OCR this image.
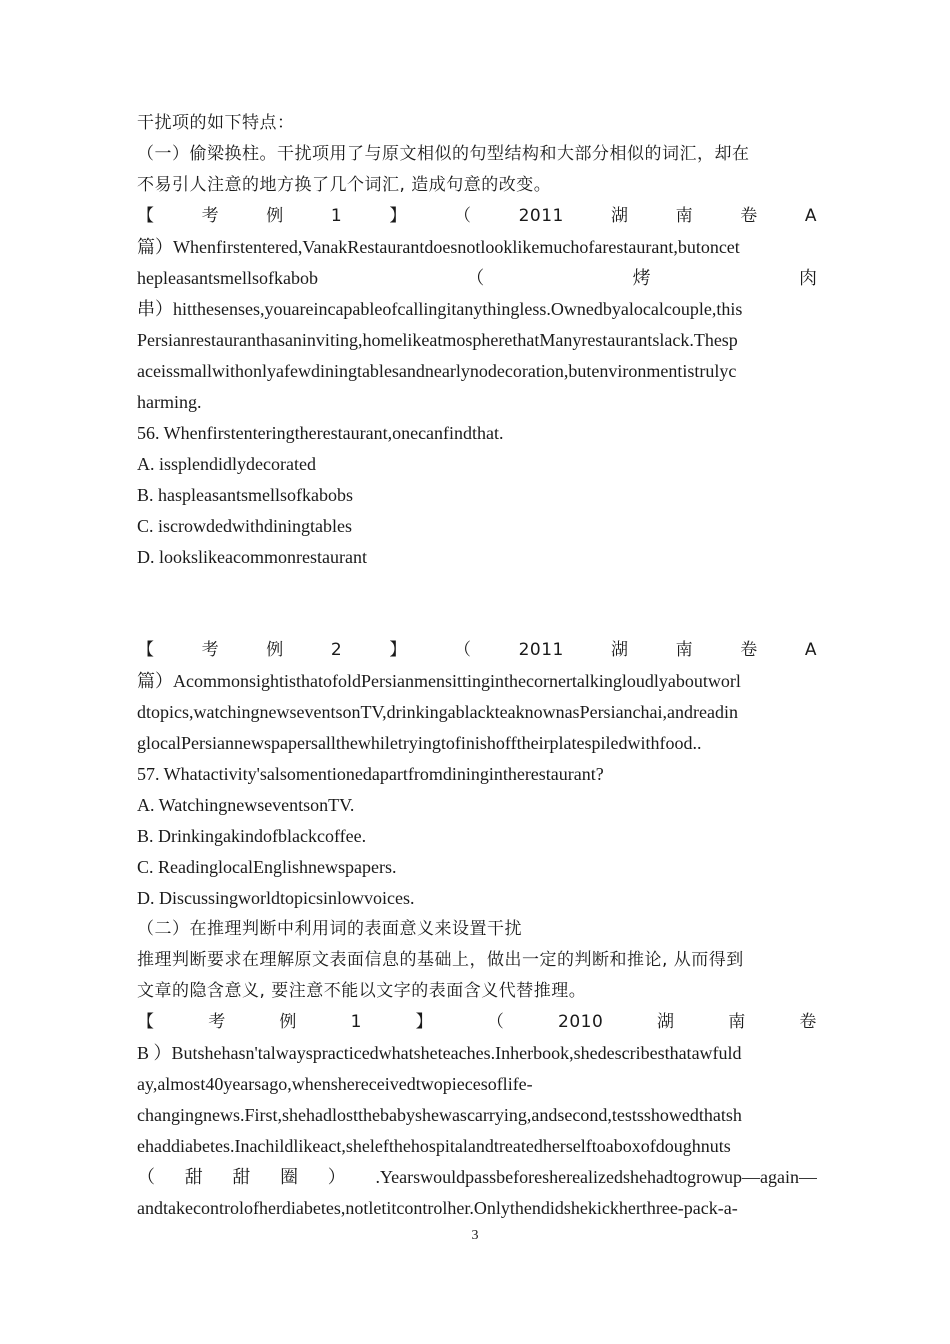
干扰项的如下特点：
（一）偷梁换柱。干扰项用了与原文相似的句型结构和大部分相似的词汇，却在
不易引人注意的地方换了几个词汇, 造成句意的改变。
【	考	例	1	】	（	2011	湖	南	卷	A
篇）Whenfirstentered,VanakRestaurantdoesnotlooklikemuchofarestaurant,butoncet
hepleasantsmellsofkabob	（	烤	肉
串）hitthesenses,youareincapableofcallingitanythingless.Ownedbyalocalcouple,this
Persianrestauranthasaninviting,homelikeatmospherethatManyrestaurantslack.Thesp
aceissmallwithonlyafewdiningtablesandnearlynodecoration,butenvironmentistrulyc
harming.
56. Whenfirstenteringtherestaurant,onecanfindthat.
A. issplendidlydecorated
B. haspleasantsmellsofkabobs
C. iscrowdedwithdiningtables
D. lookslikeacommonrestaurant
【	考	例	2	】	（	2011	湖	南	卷	A
篇）AcommonsightisthatofoldPersianmensittinginthecornertalkingloudlyaboutworl
dtopics,watchingnewseventsonTV,drinkingablackteaknownasPersianchai,andreadin
glocalPersiannewspapersallthewhiletryingtofinishofftheirplatespiledwithfood..
57. Whatactivity'salsomentionedapartfromdiningintherestaurant?
A. WatchingnewseventsonTV.
B. Drinkingakindofblackcoffee.
C. ReadinglocalEnglishnewspapers.
D. Discussingworldtopicsinlowvoices.
（二）在推理判断中利用词的表面意义来设置干扰
推理判断要求在理解原文表面信息的基础上，做出一定的判断和推论, 从而得到
文章的隐含意义, 要注意不能以文字的表面含义代替推理。
【	考	例	1	】	（	2010	湖	南	卷
B ）Butshehasn'talwayspracticedwhatsheteaches.Inherbook,shedescribesthatawfuld
ay,almost40yearsago,whenshereceivedtwopiecesoflife-
changingnews.First,shehadlostthebabyshewascarrying,andsecond,testsshowedthatsh
ehaddiabetes.Inachildlikeact,shelefthehospitalandtreatedherselftoaboxofdoughnuts
（ 甜 甜 圈 ） .Yearswouldpassbeforesherealizedshehadtogrowup—again—
andtakecontrolofherdiabetes,notletitcontrolher.Onlythendidshekickherthree-pack-a-
3
